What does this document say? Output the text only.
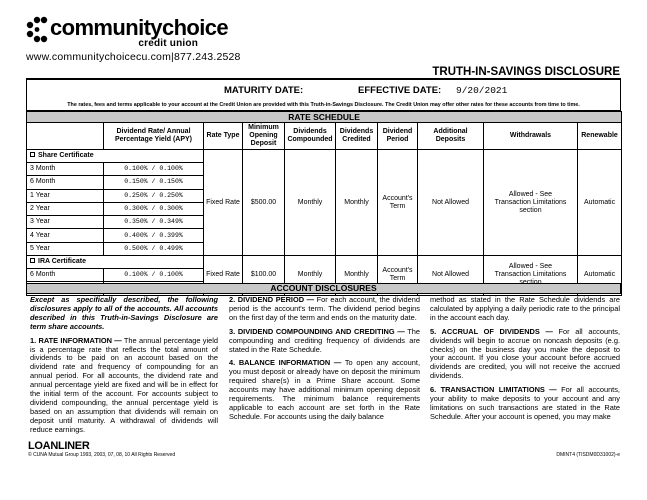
communitychoice
credit union
www.communitychoicecu.com|877.243.2528
TRUTH-IN-SAVINGS DISCLOSURE
MATURITY DATE:	EFFECTIVE DATE: 9/20/2021
The rates, fees and terms applicable to your account at the Credit Union are provided with this Truth-in-Savings Disclosure. The Credit Union may offer other rates for these accounts from time to time.
RATE SCHEDULE									
	Dividend Rate/ Annual Percentage Yield (APY)	Rate Type	Minimum Opening Deposit	Dividends Compounded	Dividends Credited	Dividend Period	Additional Deposits	Withdrawals	Renewable
Share Certificate		Fixed Rate	$500.00	Monthly	Monthly	Account's Term	Not Allowed	Allowed - See Transaction Limitations section	Automatic
3 Month	0.100% / 0.100%								
6 Month	0.150% / 0.150%								
1 Year	0.250% / 0.250%								
2 Year	0.300% / 0.300%								
3 Year	0.350% / 0.349%								
4 Year	0.400% / 0.399%								
5 Year	0.500% / 0.499%								
IRA Certificate		Fixed Rate	$100.00	Monthly	Monthly	Account's Term	Not Allowed	Allowed - See Transaction Limitations	Automatic
6 Month	0.100% / 0.100%								

ACCOUNT DISCLOSURES

Except as specifically described, the following disclosures apply to all of the accounts. All accounts described in this Truth-in-Savings Disclosure are term share accounts.

1. RATE INFORMATION — The annual percentage yield is a percentage rate that reflects the total amount of dividends to be paid on an account based on the dividend rate and frequency of compounding for an annual period. For all accounts, the dividend rate and annual percentage yield are fixed and will be in effect for the initial term of the account. For accounts subject to dividend compounding, the annual percentage yield is based on an assumption that dividends will remain on deposit until maturity. A withdrawal of dividends will reduce earnings.

2. DIVIDEND PERIOD — For each account, the dividend period is the account's term. The dividend period begins on the first day of the term and ends on the maturity date.

3. DIVIDEND COMPOUNDING AND CREDITING — The compounding and crediting frequency of dividends are stated in the Rate Schedule.

4. BALANCE INFORMATION — To open any account, you must deposit or already have on deposit the minimum required share(s) in a Prime Share account. Some accounts may have additional minimum opening deposit requirements. The minimum balance requirements applicable to each account are set forth in the Rate Schedule. For accounts using the daily balance

method as stated in the Rate Schedule dividends are calculated by applying a daily periodic rate to the principal in the account each day.

5. ACCRUAL OF DIVIDENDS — For all accounts, dividends will begin to accrue on noncash deposits (e.g. checks) on the business day you make the deposit to your account. If you close your account before accrued dividends are credited, you will not receive the accrued dividends.

6. TRANSACTION LIMITATIONS — For all accounts, your ability to make deposits to your account and any limitations on such transactions are stated in the Rate Schedule. After your account is opened, you may make

LOANLINER
© CUNA Mutual Group 1993, 2003, 07, 08, 10 All Rights Reserved	DMINT4 (TISDM0D31002)-e
